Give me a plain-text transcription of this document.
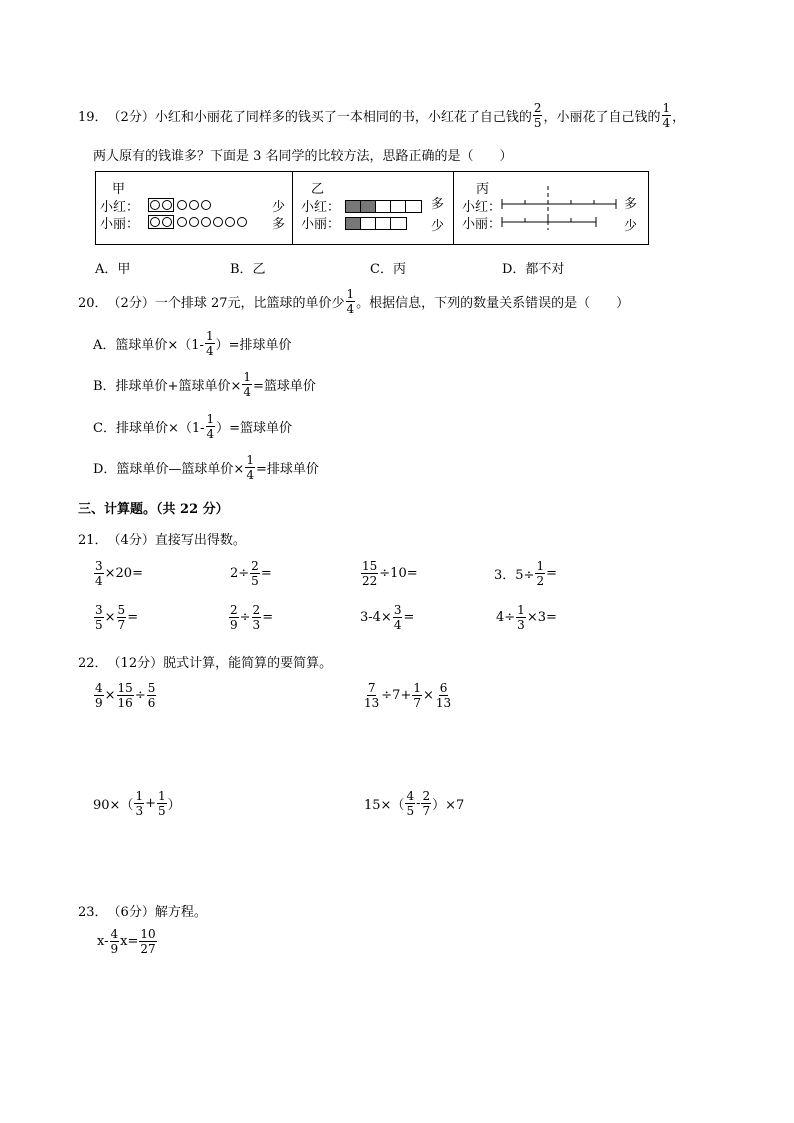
19． （2分） 小红和小丽花了同样多的钱买了一本相同的书，小红花了自己钱的 $\frac{2}{5}$ ，小丽花了自己钱的 $\frac{1}{4}$ ，
两人原有的钱谁多？下面是 3 名同学的比较方法，思路正确的是（　　）
甲
小红：	少
小丽：	多
乙
小红：	多
小丽：	少
丙
小红：
小丽：
多
少
A．甲	B．乙	C．丙	D．都不对
20． （2分） 一个排球 27元，比篮球的单价少 $\frac{1}{4}$ 。根据信息，下列的数量关系错误的是（　　）
A．篮球单价$\times(1- \frac{1}{4}$ ）=排球单价
B．排球单价+篮球单价× $\frac{1}{4}$ =篮球单价
C．排球单价$\times(1- \frac{1}{4}$ ）=篮球单价
D．篮球单价—篮球单价× $\frac{1}{4}$ =排球单价
三、计算题。（共 22 分）
21． （4分） 直接写出得数。
$\frac{3}{4} \times 20=$	$2\div \frac{2}{5}$ =	$\frac{15}{22} \div 10=$	3．$5\div \frac{1}{2}$ =
$\frac{3}{5} \times \frac{5}{7}$ =	$\frac{2}{9} \div \frac{2}{3}$ =	$3-4\times \frac{3}{4}$ =	$4\div \frac{1}{3} \times 3=$
22． （12分） 脱式计算，能简算的要简算。
$\frac{4}{9} \times \frac{15}{16} \div \frac{5}{6}$	$\frac{7}{13} \div 7+ \frac{1}{7} \times \frac{6}{13}$
$90\times( \frac{1}{3} + \frac{1}{5}$ ）	$15\times( \frac{4}{5} - \frac{2}{7} )\times 7$
23． （6分） 解方程。
$x- \frac{4}{9} x= \frac{10}{27}$
